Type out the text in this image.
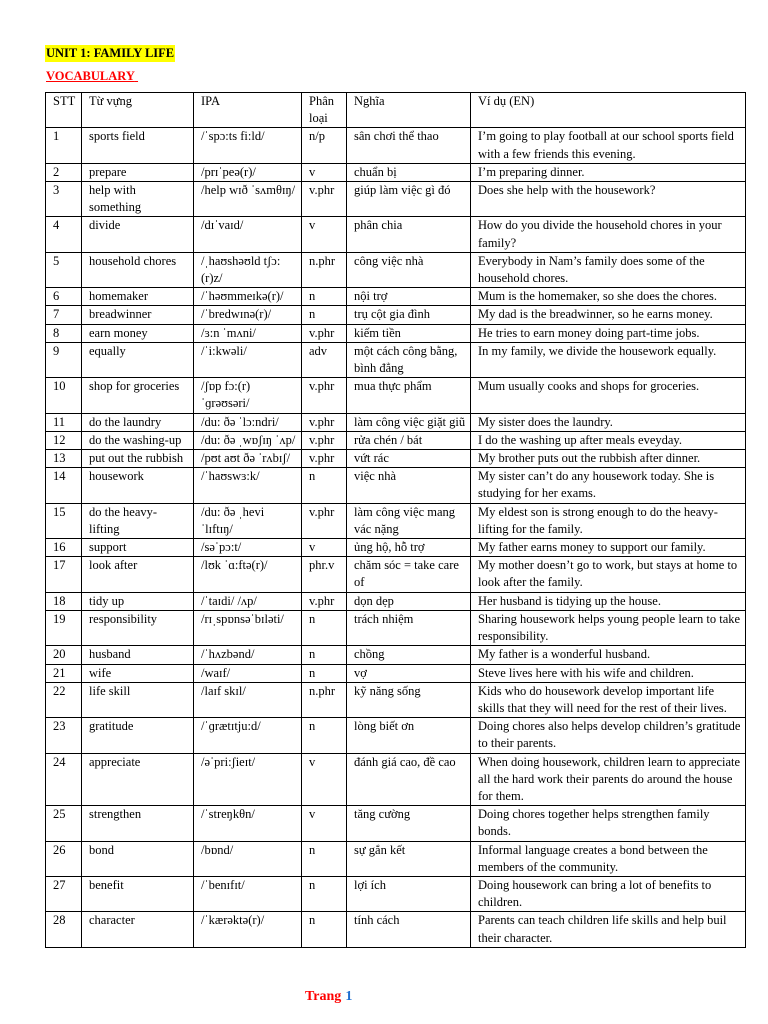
UNIT 1: FAMILY LIFE
VOCABULARY
STT	Từ vựng	IPA	Phân loại	Nghĩa	Ví dụ (EN)
1	sports field	/ˈspɔ:ts fi:ld/	n/p	sân chơi thể thao	I’m going to play football at our school sports field with a few friends this evening.
2	prepare	/prɪˈpeə(r)/	v	chuẩn bị	I’m preparing dinner.
3	help with something	/help wɪð ˈsʌmθɪŋ/	v.phr	giúp làm việc gì đó	Does she help with the housework?
4	divide	/dɪˈvaɪd/	v	phân chia	How do you divide the household chores in your family?
5	household chores	/ˌhaʊshəʊld tʃɔ:(r)z/	n.phr	công việc nhà	Everybody in Nam’s family does some of the household chores.
6	homemaker	/ˈhəʊmmeɪkə(r)/	n	nội trợ	Mum is the homemaker, so she does the chores.
7	breadwinner	/ˈbredwɪnə(r)/	n	trụ cột gia đình	My dad is the breadwinner, so he earns money.
8	earn money	/ɜ:n ˈmʌni/	v.phr	kiếm tiền	He tries to earn money doing part-time jobs.
9	equally	/ˈi:kwəli/	adv	một cách công bằng, bình đẳng	In my family, we divide the housework equally.
10	shop for groceries	/ʃɒp fɔ:(r) ˈɡrəʊsəri/	v.phr	mua thực phẩm	Mum usually cooks and shops for groceries.
11	do the laundry	/du: ðə ˈlɔ:ndri/	v.phr	làm công việc giặt giũ	My sister does the laundry.
12	do the washing-up	/du: ðə ˌwɒʃɪŋ ˈʌp/	v.phr	rửa chén / bát	I do the washing up after meals eveyday.
13	put out the rubbish	/pʊt aʊt ðə ˈrʌbɪʃ/	v.phr	vứt rác	My brother puts out the rubbish after dinner.
14	housework	/ˈhaʊswɜ:k/	n	việc nhà	My sister can’t do any housework today. She is studying for her exams.
15	do the heavy-lifting	/du: ðə ˌhevi ˈlɪftɪŋ/	v.phr	làm công việc mang vác nặng	My eldest son is strong enough to do the heavy-lifting for the family.
16	support	/səˈpɔ:t/	v	ủng hộ, hỗ trợ	My father earns money to support our family.
17	look after	/lʊk ˈɑ:ftə(r)/	phr.v	chăm sóc = take care of	My mother doesn’t go to work, but stays at home to look after the family.
18	tidy up	/ˈtaɪdi/ /ʌp/	v.phr	dọn dẹp	Her husband is tidying up the house.
19	responsibility	/rɪˌspɒnsəˈbɪləti/	n	trách nhiệm	Sharing housework helps young people learn to take responsibility.
20	husband	/ˈhʌzbənd/	n	chồng	My father is a wonderful husband.
21	wife	/waɪf/	n	vợ	Steve lives here with his wife and children.
22	life skill	/laɪf skɪl/	n.phr	kỹ năng sống	Kids who do housework develop important life skills that they will need for the rest of their lives.
23	gratitude	/ˈɡrætɪtju:d/	n	lòng biết ơn	Doing chores also helps develop children’s gratitude to their parents.
24	appreciate	/əˈpri:ʃieɪt/	v	đánh giá cao, đề cao	When doing housework, children learn to appreciate all the hard work their parents do around the house for them.
25	strengthen	/ˈstreŋkθn/	v	tăng cường	Doing chores together helps strengthen family bonds.
26	bond	/bɒnd/	n	sự gắn kết	Informal language creates a bond between the members of the community.
27	benefit	/ˈbenɪfɪt/	n	lợi ích	Doing housework can bring a lot of benefits to children.
28	character	/ˈkærəktə(r)/	n	tính cách	Parents can teach children life skills and help buil their character.
Trang 1
